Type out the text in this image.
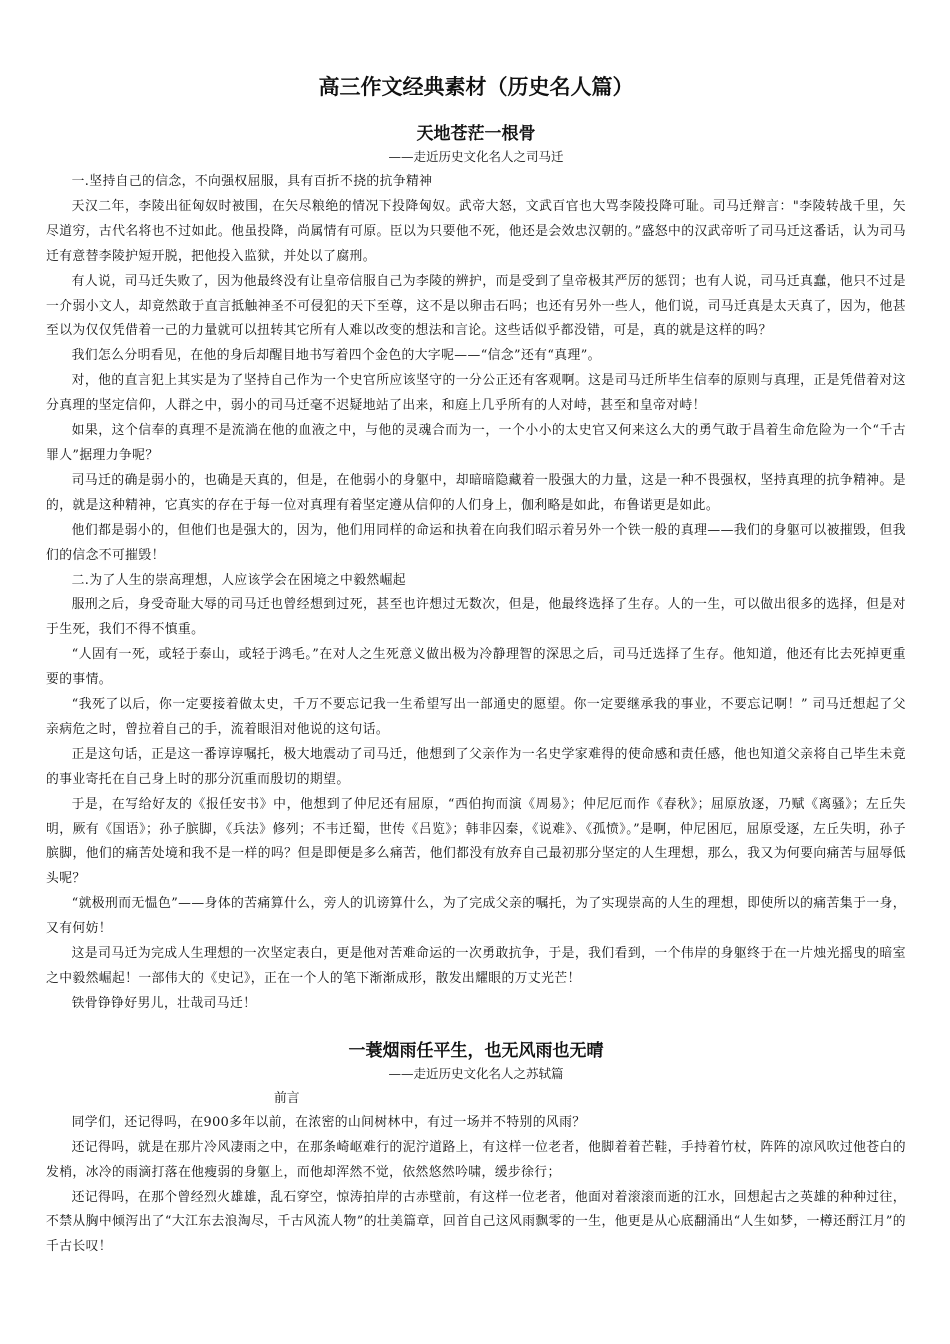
高三作文经典素材（历史名人篇）
天地苍茫一根骨
——走近历史文化名人之司马迁

一.坚持自己的信念，不向强权屈服，具有百折不挠的抗争精神

天汉二年，李陵出征匈奴时被围，在矢尽粮绝的情况下投降匈奴。武帝大怒，文武百官也大骂李陵投降可耻。司马迁辩言："李陵转战千里，矢尽道穷，古代名将也不过如此。他虽投降，尚属情有可原。臣以为只要他不死，他还是会效忠汉朝的。”盛怒中的汉武帝听了司马迁这番话，认为司马迁有意替李陵护短开脱，把他投入监狱，并处以了腐刑。

有人说，司马迁失败了，因为他最终没有让皇帝信服自己为李陵的辨护，而是受到了皇帝极其严厉的惩罚；也有人说，司马迁真蠢，他只不过是一介弱小文人，却竟然敢于直言抵触神圣不可侵犯的天下至尊，这不是以卵击石吗；也还有另外一些人，他们说，司马迁真是太天真了，因为，他甚至以为仅仅凭借着一己的力量就可以扭转其它所有人难以改变的想法和言论。这些话似乎都没错，可是，真的就是这样的吗？

我们怎么分明看见，在他的身后却醒目地书写着四个金色的大字呢——“信念”还有“真理”。

对，他的直言犯上其实是为了坚持自己作为一个史官所应该坚守的一分公正还有客观啊。这是司马迁所毕生信奉的原则与真理，正是凭借着对这分真理的坚定信仰，人群之中，弱小的司马迁毫不迟疑地站了出来，和庭上几乎所有的人对峙，甚至和皇帝对峙！

如果，这个信奉的真理不是流淌在他的血液之中，与他的灵魂合而为一，一个小小的太史官又何来这么大的勇气敢于昌着生命危险为一个“千古罪人”据理力争呢？

司马迁的确是弱小的，也确是天真的，但是，在他弱小的身躯中，却暗暗隐藏着一股强大的力量，这是一种不畏强权，坚持真理的抗争精神。是的，就是这种精神，它真实的存在于每一位对真理有着坚定遵从信仰的人们身上，伽利略是如此，布鲁诺更是如此。

他们都是弱小的，但他们也是强大的，因为，他们用同样的命运和执着在向我们昭示着另外一个铁一般的真理——我们的身躯可以被摧毁，但我们的信念不可摧毁！

二.为了人生的崇高理想，人应该学会在困境之中毅然崛起

服刑之后，身受奇耻大辱的司马迁也曾经想到过死，甚至也许想过无数次，但是，他最终选择了生存。人的一生，可以做出很多的选择，但是对于生死，我们不得不慎重。

“人固有一死，或轻于泰山，或轻于鸿毛。”在对人之生死意义做出极为冷静理智的深思之后，司马迁选择了生存。他知道，他还有比去死掉更重要的事情。

“我死了以后，你一定要接着做太史，千万不要忘记我一生希望写出一部通史的愿望。你一定要继承我的事业，不要忘记啊！” 司马迁想起了父亲病危之时，曾拉着自己的手，流着眼泪对他说的这句话。

正是这句话，正是这一番谆谆嘱托，极大地震动了司马迁，他想到了父亲作为一名史学家难得的使命感和责任感，他也知道父亲将自己毕生未竟的事业寄托在自己身上时的那分沉重而殷切的期望。

于是，在写给好友的《报任安书》中，他想到了仲尼还有屈原，“西伯拘而演《周易》；仲尼厄而作《春秋》；屈原放逐，乃赋《离骚》；左丘失明，厥有《国语》；孙子膑脚，《兵法》修列；不韦迁蜀，世传《吕览》；韩非囚秦，《说难》、《孤愤》。”是啊，仲尼困厄，屈原受逐，左丘失明，孙子膑脚，他们的痛苦处境和我不是一样的吗？但是即便是多么痛苦，他们都没有放弃自己最初那分坚定的人生理想，那么，我又为何要向痛苦与屈辱低头呢？

“就极刑而无愠色”——身体的苦痛算什么，旁人的讥谤算什么，为了完成父亲的嘱托，为了实现崇高的人生的理想，即使所以的痛苦集于一身，又有何妨！

这是司马迁为完成人生理想的一次坚定表白，更是他对苦难命运的一次勇敢抗争，于是，我们看到，一个伟岸的身躯终于在一片烛光摇曳的暗室之中毅然崛起！一部伟大的《史记》，正在一个人的笔下渐渐成形，散发出耀眼的万丈光芒！

铁骨铮铮好男儿，壮哉司马迁！

一蓑烟雨任平生，也无风雨也无晴
——走近历史文化名人之苏轼篇
前言

同学们，还记得吗，在900多年以前，在浓密的山间树林中，有过一场并不特别的风雨？

还记得吗，就是在那片冷风凄雨之中，在那条崎岖难行的泥泞道路上，有这样一位老者，他脚着着芒鞋，手持着竹杖，阵阵的凉风吹过他苍白的发梢，冰冷的雨滴打落在他瘦弱的身躯上，而他却浑然不觉，依然悠然吟啸，缓步徐行；

还记得吗，在那个曾经烈火雄雄，乱石穿空，惊涛拍岸的古赤壁前，有这样一位老者，他面对着滚滚而逝的江水，回想起古之英雄的种种过往，不禁从胸中倾泻出了“大江东去浪淘尽，千古风流人物”的壮美篇章，回首自己这风雨飘零的一生，他更是从心底翻涌出“人生如梦，一樽还酹江月”的千古长叹！
